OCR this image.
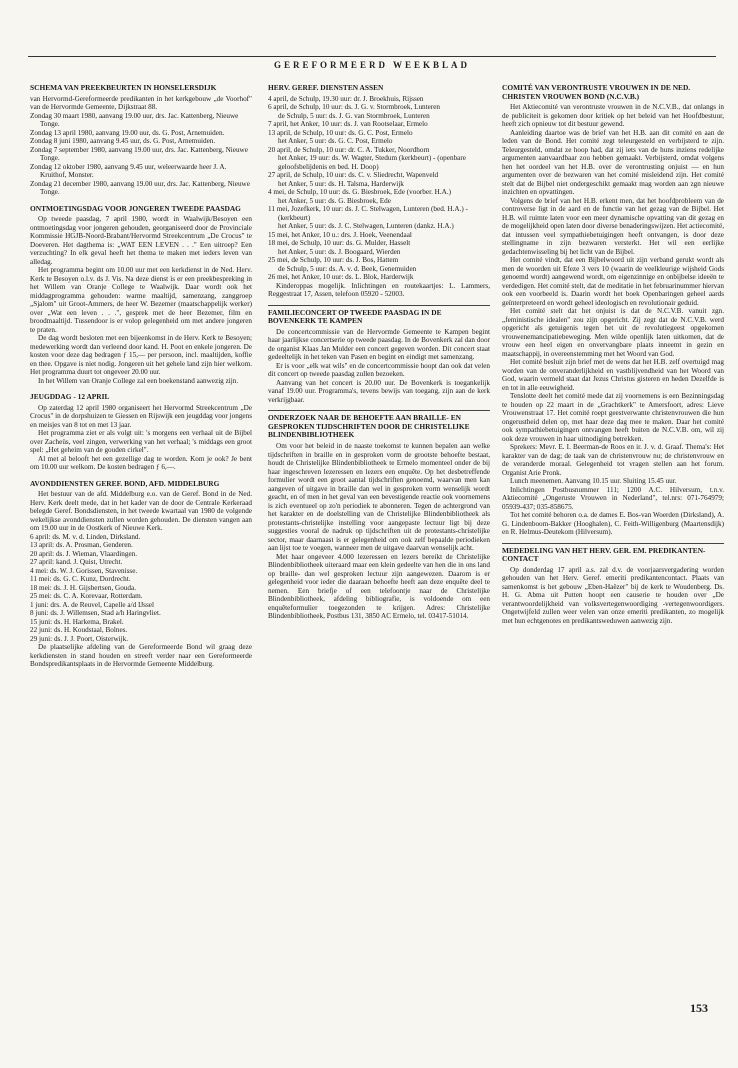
GEREFORMEERD WEEKBLAD
SCHEMA VAN PREEKBEURTEN IN HONSELERSDIJK

van Hervormd-Gereformeerde predikanten in het kerkgebouw „de Voorhof" van de Hervormde Gemeente, Dijkstraat 88.

Zondag 30 maart 1980, aanvang 19.00 uur, drs. Jac. Kattenberg, Nieuwe Tonge.
Zondag 13 april 1980, aanvang 19.00 uur, ds. G. Post, Arnemuiden.
Zondag 8 juni 1980, aanvang 9.45 uur, ds. G. Post, Arnemuiden.
Zondag 7 september 1980, aanvang 19.00 uur, drs. Jac. Kattenberg, Nieuwe Tonge.
Zondag 12 oktober 1980, aanvang 9.45 uur, weleerwaarde heer J. A. Kruithof, Monster.
Zondag 21 december 1980, aanvang 19.00 uur, drs. Jac. Kattenberg, Nieuwe Tonge.
ONTMOETINGSDAG VOOR JONGEREN TWEEDE PAASDAG

Op tweede paasdag, 7 april 1980, wordt in Waalwijk/Besoyen een ontmoetingsdag voor jongeren gehouden, georganiseerd door de Provinciale Kommissie HGJB-Noord-Brabant/Hervormd Streekcentrum „De Crocus" te Doeveren. Het dagthema is: „WAT EEN LEVEN . . ." Een uitroep? Een verzuchting? In elk geval heeft het thema te maken met ieders leven van alledag.

Het programma begint om 10.00 uur met een kerkdienst in de Ned. Herv. Kerk te Besoyen o.l.v. ds J. Vis. Na deze dienst is er een preekbespreking in het Willem van Oranje College te Waalwijk. Daar wordt ook het middagprogramma gehouden: warme maaltijd, samenzang, zanggroep „Sjalom" uit Groot-Ammers, de heer W. Bezemer (maatschappelijk werker) over „Wat een leven . . .", gesprek met de heer Bezemer, film en broodmaaltijd. Tussendoor is er volop gelegenheid om met andere jongeren te praten.

De dag wordt besloten met een bijeenkomst in de Herv. Kerk te Besoyen; medewerking wordt dan verleend door kand. H. Poot en enkele jongeren. De kosten voor deze dag bedragen ƒ 15,— per persoon, incl. maaltijden, koffie en thee. Opgave is niet nodig. Jongeren uit het gehele land zijn hier welkom. Het programma duurt tot ongeveer 20.00 uur.

In het Willem van Oranje College zal een boekenstand aanwezig zijn.

JEUGDDAG - 12 APRIL

Op zaterdag 12 april 1980 organiseert het Hervormd Streekcentrum „De Crocus" in de dorpshuizen te Giessen en Rijswijk een jeugddag voor jongens en meisjes van 8 tot en met 13 jaar.

Het programma ziet er als volgt uit: 's morgens een verhaal uit de Bijbel over Zacheüs, veel zingen, verwerking van het verhaal; 's middags een groot spel: „Het geheim van de gouden cirkel".

Al met al belooft het een gezellige dag te worden. Kom je ook? Je bent om 10.00 uur welkom. De kosten bedragen ƒ 6,—.

AVONDDIENSTEN GEREF. BOND, AFD. MIDDELBURG

Het bestuur van de afd. Middelburg e.o. van de Geref. Bond in de Ned. Herv. Kerk deelt mede, dat in het kader van de door de Centrale Kerkeraad belegde Geref. Bondsdiensten, in het tweede kwartaal van 1980 de volgende wekelijkse avonddiensten zullen worden gehouden. De diensten vangen aan om 19.00 uur in de Oostkerk of Nieuwe Kerk.

6 april: ds. M. v. d. Linden, Dirksland.
13 april: ds. A. Prosman, Genderen.
20 april: ds. J. Wieman, Vlaardingen.
27 april: kand. J. Quist, Utrecht.
4 mei: ds. W. J. Gorissen, Stavenisse.
11 mei: ds. G. C. Kunz, Dordrecht.
18 mei: ds. J. H. Gijsbertsen, Gouda.
25 mei: ds. C. A. Korevaar, Rotterdam.
1 juni: drs. A. de Reuvel, Capelle a/d IJssel
8 juni: ds. J. Willemsen, Stad a/h Haringvliet.
15 juni: ds. H. Harkema, Brakel.
22 juni: ds. H. Koudstaal, Bolnes.
29 juni: ds. J. J. Poort, Oisterwijk.

De plaatselijke afdeling van de Gereformeerde Bond wil graag deze kerkdiensten in stand houden en streeft verder naar een Gereformeerde Bondspredikantsplaats in de Hervormde Gemeente Middelburg.

HERV. GEREF. DIENSTEN ASSEN
4 april, de Schulp, 19.30 uur: dr. J. Broekhuis, Rijssen
6 april, de Schulp, 10 uur: ds. J. G. v. Stormbroek, Lunteren
de Schulp, 5 uur: ds. J. G. van Stormbroek, Lunteren
7 april, het Anker, 10 uur: ds. J. van Rootselaar, Ermelo
13 april, de Schulp, 10 uur: ds. G. C. Post, Ermelo
het Anker, 5 uur: ds. G. C. Post, Ermelo
20 april, de Schulp, 10 uur: dr. C. A. Tukker, Noordhorn
het Anker, 19 uur: ds. W. Wagter, Stedum (kerkbeurt) - (openbare geloofsbelijdenis en bed. H. Doop)
27 april, de Schulp, 10 uur: ds. C. v. Sliedrecht, Wapenveld
het Anker, 5 uur: ds. H. Talsma, Harderwijk
4 mei, de Schulp, 10 uur: ds. G. Biesbroek, Ede (voorber. H.A.)
het Anker, 5 uur: ds. G. Biesbroek, Ede
11 mei, Jozefkerk, 10 uur: ds. J. C. Stelwagen, Lunteren (bed. H.A.) - (kerkbeurt)
het Anker, 5 uur: ds. J. C. Stelwagen, Lunteren (dankz. H.A.)
15 mei, het Anker, 10 u.: drs. J. Hoek, Veenendaal
18 mei, de Schulp, 10 uur: ds. G. Mulder, Hasselt
het Anker, 5 uur: ds. J. Boogaard, Wierden
25 mei, de Schulp, 10 uur: ds. J. Bos, Hattem
de Schulp, 5 uur: ds. A. v. d. Beek, Genemuiden
26 mei, het Anker, 10 uur: ds. L. Blok, Harderwijk

Kinderoppas mogelijk. Inlichtingen en routekaartjes: L. Lammers, Reggestraat 17, Assen, telefoon 05920 - 52003.

FAMILIECONCERT OP TWEEDE PAASDAG IN DE BOVENKERK TE KAMPEN

De concertcommissie van de Hervormde Gemeente te Kampen begint haar jaarlijkse concertserie op tweede paasdag. In de Bovenkerk zal dan door de organist Klaas Jan Mulder een concert gegeven worden. Dit concert staat gedeeltelijk in het teken van Pasen en begint en eindigt met samenzang.

Er is voor „elk wat wils" en de concertcommissie hoopt dan ook dat velen dit concert op tweede paasdag zullen bezoeken.

Aanvang van het concert is 20.00 uur. De Bovenkerk is toegankelijk vanaf 19.00 uur. Programma's, tevens bewijs van toegang, zijn aan de kerk verkrijgbaar.

ONDERZOEK NAAR DE BEHOEFTE AAN BRAILLE- EN GESPROKEN TIJDSCHRIFTEN DOOR DE CHRISTELIJKE BLINDENBIBLIOTHEEK

Om voor het beleid in de naaste toekomst te kunnen bepalen aan welke tijdschriften in braille en in gesproken vorm de grootste behoefte bestaat, houdt de Christelijke Blindenbibliotheek te Ermelo momenteel onder de bij haar ingeschreven lezeressen en lezers een enquête. Op het desbetreffende formulier wordt een groot aantal tijdschriften genoemd, waarvan men kan aangeven of uitgave in braille dan wel in gesproken vorm wenselijk wordt geacht, en of men in het geval van een bevestigende reactie ook voornemens is zich eventueel op zo'n periodiek te abonneren. Tegen de achtergrond van het karakter en de doelstelling van de Christelijke Blindenbibliotheek als protestants-christelijke instelling voor aangepaste lectuur ligt bij deze suggesties vooral de nadruk op tijdschriften uit de protestants-christelijke sector, maar daarnaast is er gelegenheid om ook zelf bepaalde periodieken aan lijst toe te voegen, wanneer men de uitgave daarvan wenselijk acht.

Met haar ongeveer 4.000 lezeressen en lezers bereikt de Christelijke Blindenbibliotheek uiteraard maar een klein gedeelte van hen die in ons land op braille- dan wel gesproken lectuur zijn aangewezen. Daarom is er gelegenheid voor ieder die daaraan behoefte heeft aan deze enquête deel te nemen. Een briefje of een telefoontje naar de Christelijke Blindenbibliotheek, afdeling bibliografie, is voldoende om een enquêteformulier toegezonden te krijgen. Adres: Christelijke Blindenbibliotheek, Postbus 131, 3850 AC Ermelo, tel. 03417-51014.

COMITÉ VAN VERONTRUSTE VROUWEN IN DE NED. CHRISTEN VROUWEN BOND (N.C.V.B.)

Het Aktiecomité van verontruste vrouwen in de N.C.V.B., dat onlangs in de publiciteit is gekomen door kritiek op het beleid van het Hoofdbestuur, heeft zich opnieuw tot dit bestuur gewend.

Aanleiding daartoe was de brief van het H.B. aan dit comité en aan de leden van de Bond. Het comité zegt teleurgesteld en verbijsterd te zijn. Teleurgesteld, omdat ze hoop had, dat zij iets van de huns inziens redelijke argumenten aanvaardbaar zou hebben gemaakt. Verbijsterd, omdat volgens hen het oordeel van het H.B. over de verontrusting onjuist — en hun argumenten over de bezwaren van het comité misleidend zijn. Het comité stelt dat de Bijbel niet ondergeschikt gemaakt mag worden aan zgn nieuwe inzichten en opvattingen.

Volgens de brief van het H.B. erkent men, dat het hoofdprobleem van de controverse ligt in de aard en de functie van het gezag van de Bijbel. Het H.B. wil ruimte laten voor een meer dynamische opvatting van dit gezag en de mogelijkheid open laten door diverse benaderingswijzen. Het actiecomité, dat intussen veel sympathiebetuigingen heeft ontvangen, is door deze stellingname in zijn bezwaren versterkt. Het wil een eerlijke gedachtenwisseling bij het licht van de Bijbel.

Het comité vindt, dat een Bijbelwoord uit zijn verband gerukt wordt als men de woorden uit Efeze 3 vers 10 (waarin de veelkleurige wijsheid Gods genoemd wordt) aangewend wordt, om eigenzinnige en onbijbelse ideeën te verdedigen. Het comité stelt, dat de meditatie in het februarinummer hiervan ook een voorbeeld is. Daarin wordt het boek Openbaringen geheel aards geïnterpreteerd en wordt geheel ideologisch en revolutionair geduid.

Het comité stelt dat het onjuist is dat de N.C.V.B. vanuit zgn. „feministische idealen" zou zijn opgericht. Zij zegt dat de N.C.V.B. werd opgericht als getuigenis tegen het uit de revolutiegeest opgekomen vrouwenemancipatiebeweging. Men wilde openlijk laten uitkomen, dat de vrouw een heel eigen en onvervangbare plaats inneemt in gezin en maatschappij, in overeenstemming met het Woord van God.

Het comité besluit zijn brief met de wens dat het H.B. zelf overtuigd mag worden van de onveranderlijkheid en vastblijvendheid van het Woord van God, waarin vermeld staat dat Jezus Christus gisteren en heden Dezelfde is en tot in alle eeuwigheid.

Tenslotte deelt het comité mede dat zij voornemens is een Bezinningsdag te houden op 22 maart in de „Grachtkerk" te Amersfoort, adres: Lieve Vrouwenstraat 17. Het comité roept geestverwante christenvrouwen die hun ongerustheid delen op, met haar deze dag mee te maken. Daar het comité ook sympathiebetuigingen ontvangen heeft buiten de N.C.V.B. om, wil zij ook deze vrouwen in haar uitnodiging betrekken.

Sprekers: Mevr. E. I. Beerman-de Roos en ir. J. v. d. Graaf. Thema's: Het karakter van de dag; de taak van de christenvrouw nu; de christenvrouw en de veranderde moraal. Gelegenheid tot vragen stellen aan het forum. Organist Arie Pronk.

Lunch meenemen. Aanvang 10.15 uur. Sluiting 15.45 uur.

Inlichtingen Postbusnummer 111; 1200 A.C. Hilversum, t.n.v. Aktiecomité „Ongeruste Vrouwen in Nederland", tel.nrs: 071-764979; 05939-437; 035-858675.

Tot het comité behoren o.a. de dames E. Bos-van Woerden (Dirksland), A. G. Lindenboom-Bakker (Hooghalen), C. Feith-Willigenburg (Maartensdijk) en R. Helmus-Deutekom (Hilversum).

MEDEDELING VAN HET HERV. GER. EM. PREDIKANTEN-CONTACT

Op donderdag 17 april a.s. zal d.v. de voorjaarsvergadering worden gehouden van het Herv. Geref. emeriti predikantencontact. Plaats van samenkomst is het gebouw „Eben-Haëzer" bij de kerk te Woudenberg. Ds. H. G. Abma uit Putten hoopt een causerie te houden over „De verantwoordelijkheid van volksvertegenwoordiging -vertegenwoordigers. Ongetwijfeld zullen weer velen van onze emeriti predikanten, zo mogelijk met hun echtgenotes en predikantsweduwen aanwezig zijn.

153
